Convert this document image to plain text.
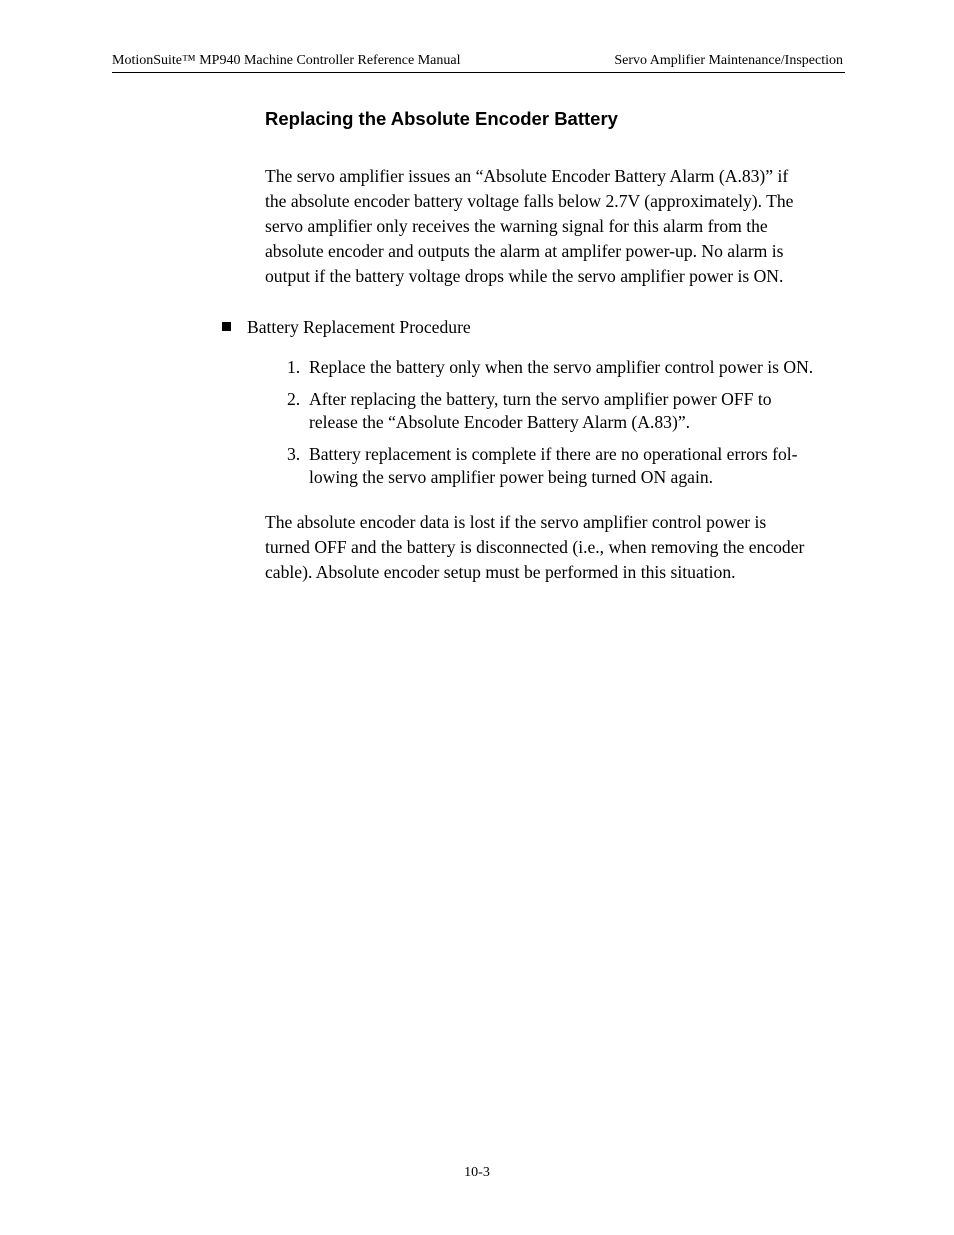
MotionSuite™ MP940 Machine Controller Reference Manual	Servo Amplifier Maintenance/Inspection
Replacing the Absolute Encoder Battery

The servo amplifier issues an “Absolute Encoder Battery Alarm (A.83)” if
the absolute encoder battery voltage falls below 2.7V (approximately). The
servo amplifier only receives the warning signal for this alarm from the
absolute encoder and outputs the alarm at amplifer power-up. No alarm is
output if the battery voltage drops while the servo amplifier power is ON.

Battery Replacement Procedure
1. Replace the battery only when the servo amplifier control power is ON.
2. After replacing the battery, turn the servo amplifier power OFF to
release the “Absolute Encoder Battery Alarm (A.83)”.
3. Battery replacement is complete if there are no operational errors fol-
lowing the servo amplifier power being turned ON again.

The absolute encoder data is lost if the servo amplifier control power is
turned OFF and the battery is disconnected (i.e., when removing the encoder
cable). Absolute encoder setup must be performed in this situation.

10-3
